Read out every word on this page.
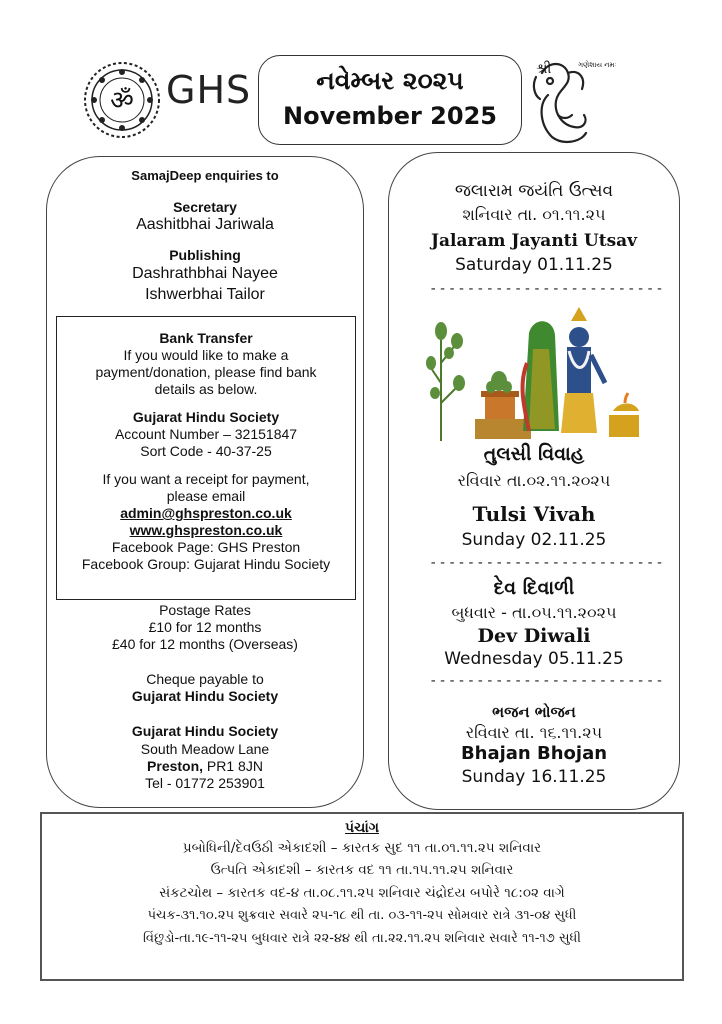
ॐ GHS	નવેમ્બર ૨૦૨૫
November 2025
શ્રી	ગણેશાય નમઃ
SamajDeep enquiries to
Secretary
Aashitbhai Jariwala
Publishing
Dashrathbhai Nayee
Ishwerbhai Tailor
Postage Rates
£10 for 12 months
£40 for 12 months (Overseas)
Cheque payable to
Gujarat Hindu Society
Gujarat Hindu Society
South Meadow Lane
Preston, PR1 8JN
Tel - 01772 253901
Bank Transfer
If you would like to make a
payment/donation, please find bank
details as below.
Gujarat Hindu Society
Account Number – 32151847
Sort Code - 40-37-25
If you want a receipt for payment,
please email
admin@ghspreston.co.uk
www.ghspreston.co.uk
Facebook Page: GHS Preston
Facebook Group: Gujarat Hindu Society
જલારામ જયંતિ ઉત્સવ
શનિવાર તા. ૦૧.૧૧.૨૫
Jalaram Jayanti Utsav
Saturday 01.11.25
-------------------------
તુલસી વિવાહ
રવિવાર તા.૦૨.૧૧.૨૦૨૫
Tulsi Vivah
Sunday 02.11.25
-------------------------
દેવ દિવાળી
બુધવાર - તા.૦૫.૧૧.૨૦૨૫
Dev Diwali
Wednesday 05.11.25
-------------------------
ભજન ભોજન
રવિવાર તા. ૧૬.૧૧.૨૫
Bhajan Bhojan
Sunday 16.11.25
પંચાંગ
પ્રબોધિની/દેવઉઠી એકાદશી – કારતક સુદ ૧૧ તા.૦૧.૧૧.૨૫ શનિવાર
ઉત્પતિ એકાદશી – કારતક વદ ૧૧ તા.૧૫.૧૧.૨૫ શનિવાર
સંકટચોથ – કારતક વદ-૪ તા.૦૮.૧૧.૨૫ શનિવાર ચંદ્રોદય બપોરે ૧૮:૦૨ વાગે
પંચક-૩૧.૧૦.૨૫ શુક્રવાર સવારે ૨૫-૧૮ થી તા. ૦૩-૧૧-૨૫ સોમવાર રાત્રે ૩૧-૦૪ સુધી
વિંછુડો-તા.૧૯-૧૧-૨૫ બુધવાર રાત્રે ૨૨-૪૪ થી તા.૨૨.૧૧.૨૫ શનિવાર સવારે ૧૧-૧૭ સુધી
